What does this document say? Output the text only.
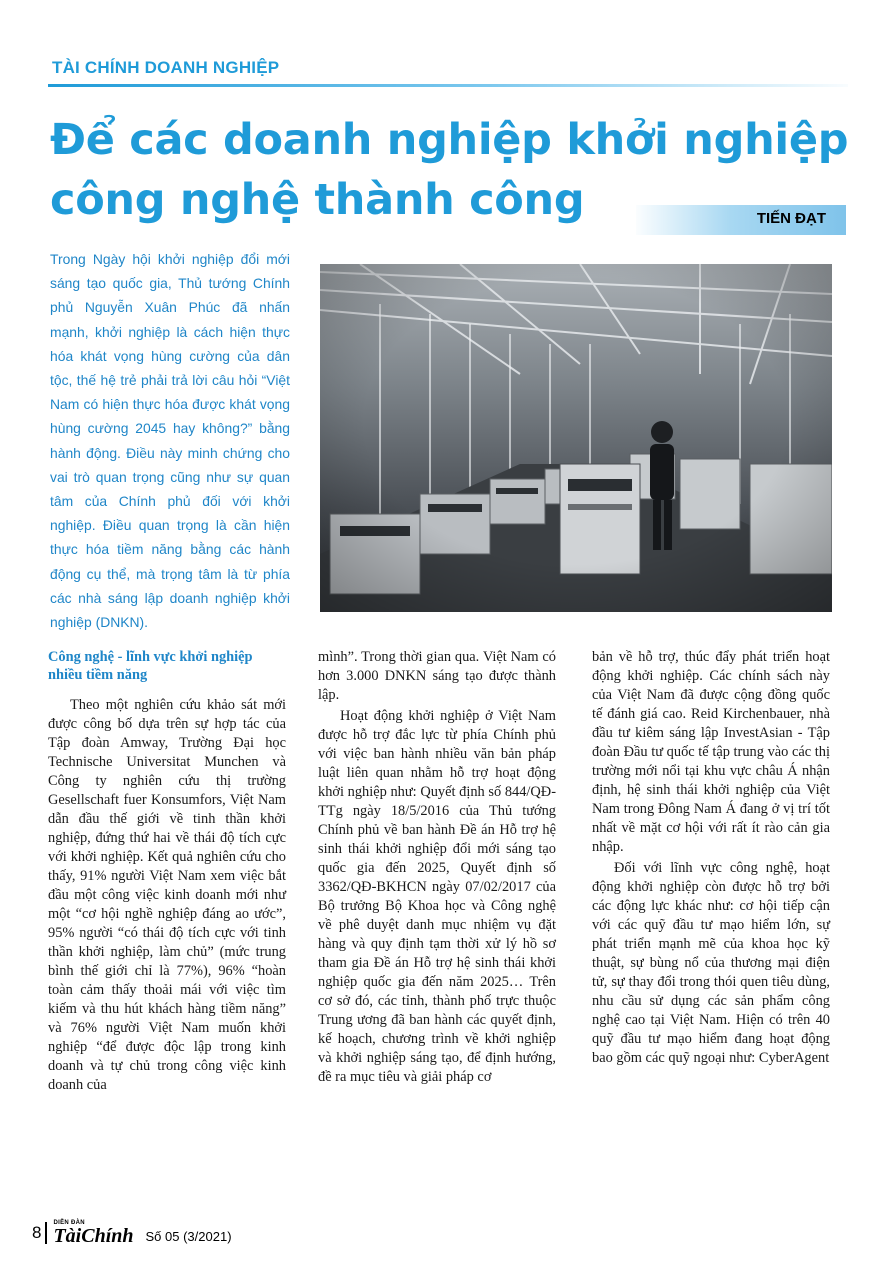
TÀI CHÍNH DOANH NGHIỆP
Để các doanh nghiệp khởi nghiệp
công nghệ thành công	TIẾN ĐẠT

Trong Ngày hội khởi nghiệp đổi mới sáng tạo quốc gia, Thủ tướng Chính phủ Nguyễn Xuân Phúc đã nhấn mạnh, khởi nghiệp là cách hiện thực hóa khát vọng hùng cường của dân tộc, thế hệ trẻ phải trả lời câu hỏi “Việt Nam có hiện thực hóa được khát vọng hùng cường 2045 hay không?” bằng hành động. Điều này minh chứng cho vai trò quan trọng cũng như sự quan tâm của Chính phủ đối với khởi nghiệp. Điều quan trọng là cần hiện thực hóa tiềm năng bằng các hành động cụ thể, mà trọng tâm là từ phía các nhà sáng lập doanh nghiệp khởi nghiệp (DNKN).

Công nghệ - lĩnh vực khởi nghiệp nhiều tiềm năng

Theo một nghiên cứu khảo sát mới được công bố dựa trên sự hợp tác của Tập đoàn Amway, Trường Đại học Technische Universitat Munchen và Công ty nghiên cứu thị trường Gesellschaft fuer Konsumfors, Việt Nam dẫn đầu thế giới về tinh thần khởi nghiệp, đứng thứ hai về thái độ tích cực với khởi nghiệp. Kết quả nghiên cứu cho thấy, 91% người Việt Nam xem việc bắt đầu một công việc kinh doanh mới như một “cơ hội nghề nghiệp đáng ao ước”, 95% người “có thái độ tích cực với tinh thần khởi nghiệp, làm chủ” (mức trung bình thế giới chỉ là 77%), 96% “hoàn toàn cảm thấy thoải mái với việc tìm kiếm và thu hút khách hàng tiềm năng” và 76% người Việt Nam muốn khởi nghiệp “để được độc lập trong kinh doanh và tự chủ trong công việc kinh doanh của

mình”. Trong thời gian qua. Việt Nam có hơn 3.000 DNKN sáng tạo được thành lập.

Hoạt động khởi nghiệp ở Việt Nam được hỗ trợ đắc lực từ phía Chính phủ với việc ban hành nhiều văn bản pháp luật liên quan nhằm hỗ trợ hoạt động khởi nghiệp như: Quyết định số 844/QĐ-TTg ngày 18/5/2016 của Thủ tướng Chính phủ về ban hành Đề án Hỗ trợ hệ sinh thái khởi nghiệp đổi mới sáng tạo quốc gia đến 2025, Quyết định số 3362/QĐ-BKHCN ngày 07/02/2017 của Bộ trưởng Bộ Khoa học và Công nghệ về phê duyệt danh mục nhiệm vụ đặt hàng và quy định tạm thời xử lý hồ sơ tham gia Đề án Hỗ trợ hệ sinh thái khởi nghiệp quốc gia đến năm 2025… Trên cơ sở đó, các tỉnh, thành phố trực thuộc Trung ương đã ban hành các quyết định, kế hoạch, chương trình về khởi nghiệp và khởi nghiệp sáng tạo, để định hướng, đề ra mục tiêu và giải pháp cơ

bản về hỗ trợ, thúc đẩy phát triển hoạt động khởi nghiệp. Các chính sách này của Việt Nam đã được cộng đồng quốc tế đánh giá cao. Reid Kirchenbauer, nhà đầu tư kiêm sáng lập InvestAsian - Tập đoàn Đầu tư quốc tế tập trung vào các thị trường mới nổi tại khu vực châu Á nhận định, hệ sinh thái khởi nghiệp của Việt Nam trong Đông Nam Á đang ở vị trí tốt nhất về mặt cơ hội với rất ít rào cản gia nhập.

Đối với lĩnh vực công nghệ, hoạt động khởi nghiệp còn được hỗ trợ bởi các động lực khác như: cơ hội tiếp cận với các quỹ đầu tư mạo hiểm lớn, sự phát triển mạnh mẽ của khoa học kỹ thuật, sự bùng nổ của thương mại điện tử, sự thay đổi trong thói quen tiêu dùng, nhu cầu sử dụng các sản phẩm công nghệ cao tại Việt Nam. Hiện có trên 40 quỹ đầu tư mạo hiểm đang hoạt động bao gồm các quỹ ngoại như: CyberAgent

8 DIỄN ĐÀN
TàiChính Số 05 (3/2021)
